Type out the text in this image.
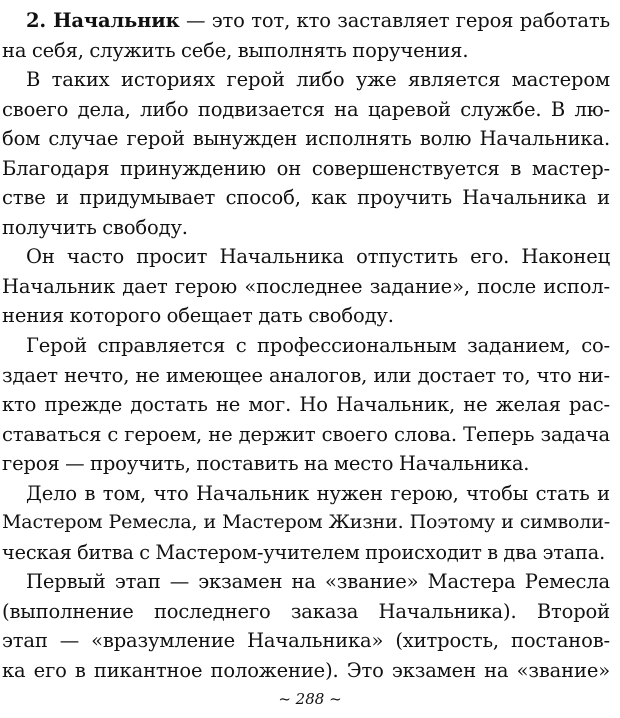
2. Начальник — это тот, кто заставляет героя работать
на себя, служить себе, выполнять поручения.
В таких историях герой либо уже является мастером
своего дела, либо подвизается на царевой службе. В лю-
бом случае герой вынужден исполнять волю Начальника.
Благодаря принуждению он совершенствуется в мастер-
стве и придумывает способ, как проучить Начальника и
получить свободу.
Он часто просит Начальника отпустить его. Наконец
Начальник дает герою «последнее задание», после испол-
нения которого обещает дать свободу.
Герой справляется с профессиональным заданием, со-
здает нечто, не имеющее аналогов, или достает то, что ни-
кто прежде достать не мог. Но Начальник, не желая рас-
ставаться с героем, не держит своего слова. Теперь задача
героя — проучить, поставить на место Начальника.
Дело в том, что Начальник нужен герою, чтобы стать и
Мастером Ремесла, и Мастером Жизни. Поэтому и символи-
ческая битва с Мастером-учителем происходит в два этапа.
Первый этап — экзамен на «звание» Мастера Ремесла
(выполнение последнего заказа Начальника). Второй
этап — «вразумление Начальника» (хитрость, постанов-
ка его в пикантное положение). Это экзамен на «звание»
~ 288 ~
